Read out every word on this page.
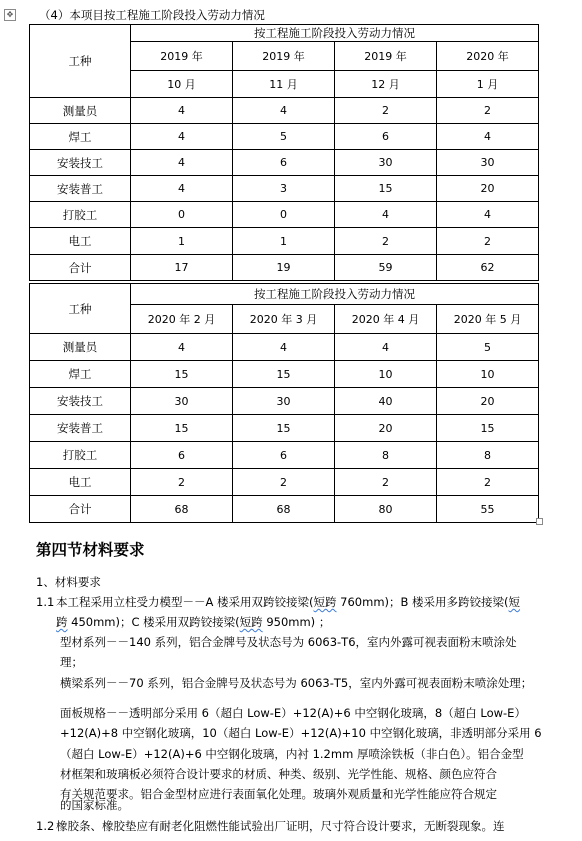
✥ （4）本项目按工程施工阶段投入劳动力情况
工种	按工程施工阶段投入劳动力情况			
	2019 年	2019 年	2019 年	2020 年
	10 月	11 月	12 月	1 月
测量员	4	4	2	2
焊工	4	5	6	4
安装技工	4	6	30	30
安装普工	4	3	15	20
打胶工	0	0	4	4
电工	1	1	2	2
合计	17	19	59	62
工种	按工程施工阶段投入劳动力情况			
	2020 年 2 月	2020 年 3 月	2020 年 4 月	2020 年 5 月
测量员	4	4	4	5
焊工	15	15	10	10
安装技工	30	30	40	20
安装普工	15	15	20	15
打胶工	6	6	8	8
电工	2	2	2	2
合计	68	68	80	55
第四节材料要求
1、材料要求
1.1 本工程采用立柱受力模型－－A 楼采用双跨铰接梁(短跨 760mm)；B 楼采用多跨铰接梁(短
跨 450mm)；C 楼采用双跨铰接梁(短跨 950mm) ；
型材系列－－140 系列，铝合金牌号及状态号为 6063-T6，室内外露可视表面粉末喷涂处
理；
横梁系列－－70 系列，铝合金牌号及状态号为 6063-T5，室内外露可视表面粉末喷涂处理；
面板规格－－透明部分采用 6（超白 Low-E）+12(A)+6 中空钢化玻璃，8（超白 Low-E）
+12(A)+8 中空钢化玻璃，10（超白 Low-E）+12(A)+10 中空钢化玻璃，非透明部分采用 6
（超白 Low-E）+12(A)+6 中空钢化玻璃，内衬 1.2mm 厚喷涂铁板（非白色）。铝合金型
材框架和玻璃板必须符合设计要求的材质、种类、级别、光学性能、规格、颜色应符合
有关规范要求。铝合金型材应进行表面氧化处理。玻璃外观质量和光学性能应符合规定
的国家标准。
1.2 橡胶条、橡胶垫应有耐老化阻燃性能试验出厂证明，尺寸符合设计要求，无断裂现象。连
